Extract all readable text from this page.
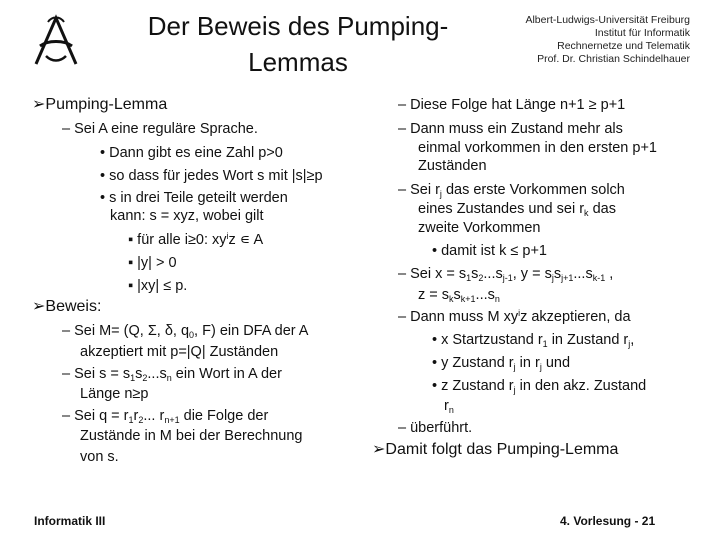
Der Beweis des Pumping-
Lemmas
Albert-Ludwigs-Universität Freiburg
Institut für Informatik
Rechnernetze und Telematik
Prof. Dr. Christian Schindelhauer
➢Pumping-Lemma
– Sei A eine reguläre Sprache.
• Dann gibt es eine Zahl p>0
• so dass für jedes Wort s mit |s|≥p
• s in drei Teile geteilt werden
kann: s = xyz, wobei gilt
▪ für alle i≥0: $xy^iz$ ∊ A
▪ |y| > 0
▪ |xy| ≤ p.
➢Beweis:
– Sei M= (Q, Σ, δ, $q_0$, F) ein DFA der A
akzeptiert mit p=|Q| Zuständen
– Sei $s = s_1s_2...s_n$ ein Wort in A der
Länge n≥p
– Sei $q = r_1r_2$... $r_{n+1}$ die Folge der
Zustände in M bei der Berechnung
von s.
– Diese Folge hat Länge n+1 ≥ p+1
– Dann muss ein Zustand mehr als
einmal vorkommen in den ersten p+1
Zuständen
– Sei $r_j$ das erste Vorkommen solch
eines Zustandes und sei $r_k$ das
zweite Vorkommen
• damit ist k ≤ p+1
– Sei $x = s_1s_2...s_{j-1}$, $y = s_js_{j+1}...s_{k-1}$ ,
$z = s_ks_{k+1}...s_n$
– Dann muss M $xy^iz$ akzeptieren, da
• x Startzustand $r_1$ in Zustand $r_j$,
• y Zustand $r_j$ in $r_j$ und
• z Zustand $r_j$ in den akz. Zustand
$r_n$
– überführt.
➢Damit folgt das Pumping-Lemma
Informatik III	4. Vorlesung - 21
